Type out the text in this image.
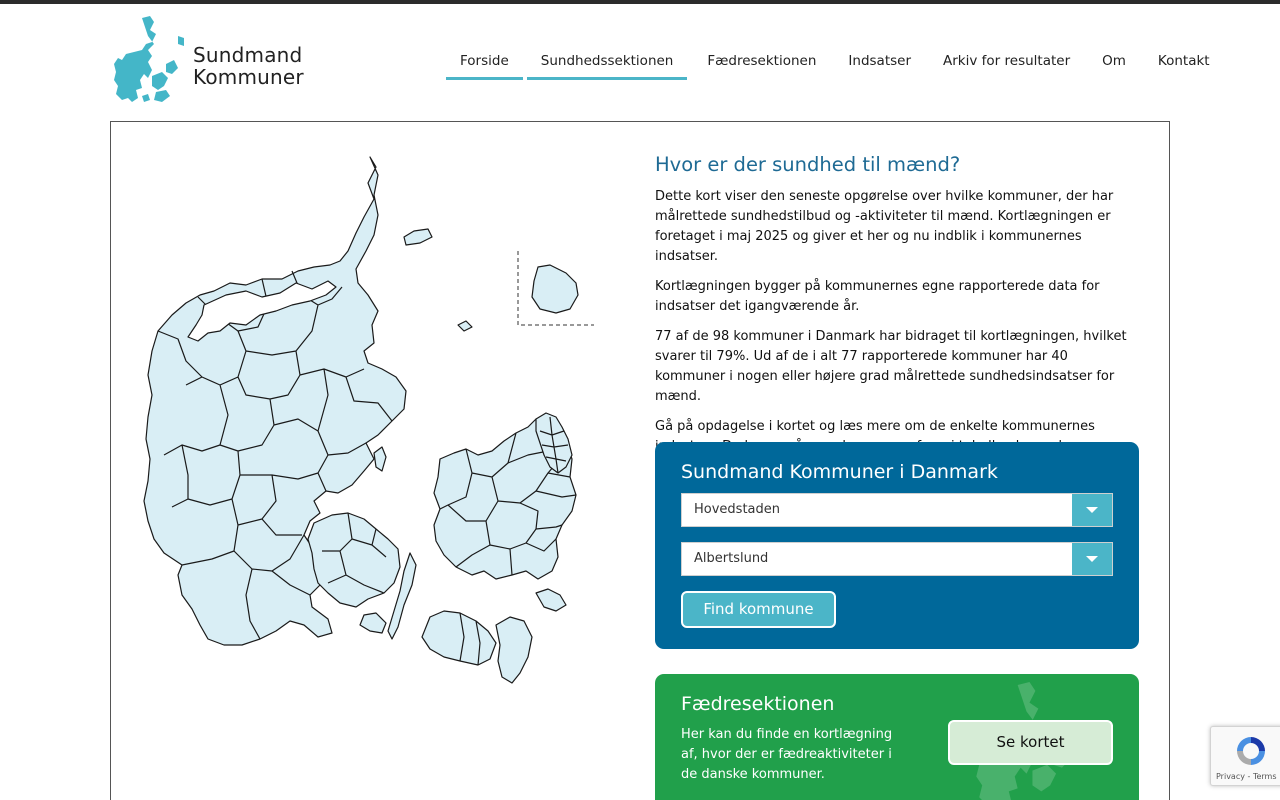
Sundmand
Kommuner
Forside	Sundhedssektionen	Fædresektionen	Indsatser	Arkiv for resultater	Om	Kontakt
Hvor er der sundhed til mænd?

Dette kort viser den seneste opgørelse over hvilke kommuner, der har målrettede sundhedstilbud og -aktiviteter til mænd. Kortlægningen er foretaget i maj 2025 og giver et her og nu indblik i kommunernes indsatser.

Kortlægningen bygger på kommunernes egne rapporterede data for indsatser det igangværende år.

77 af de 98 kommuner i Danmark har bidraget til kortlægningen, hvilket svarer til 79%. Ud af de i alt 77 rapporterede kommuner har 40 kommuner i nogen eller højere grad målrettede sundhedsindsatser for mænd.

Gå på opdagelse i kortet og læs mere om de enkelte kommunernes

Sundmand Kommuner i Danmark
Hovedstaden
Albertslund
Find kommune
Fædresektionen

Her kan du finde en kortlægning af, hvor der er fædreaktiviteter i de danske kommuner.

Se kortet
Privacy - Terms
